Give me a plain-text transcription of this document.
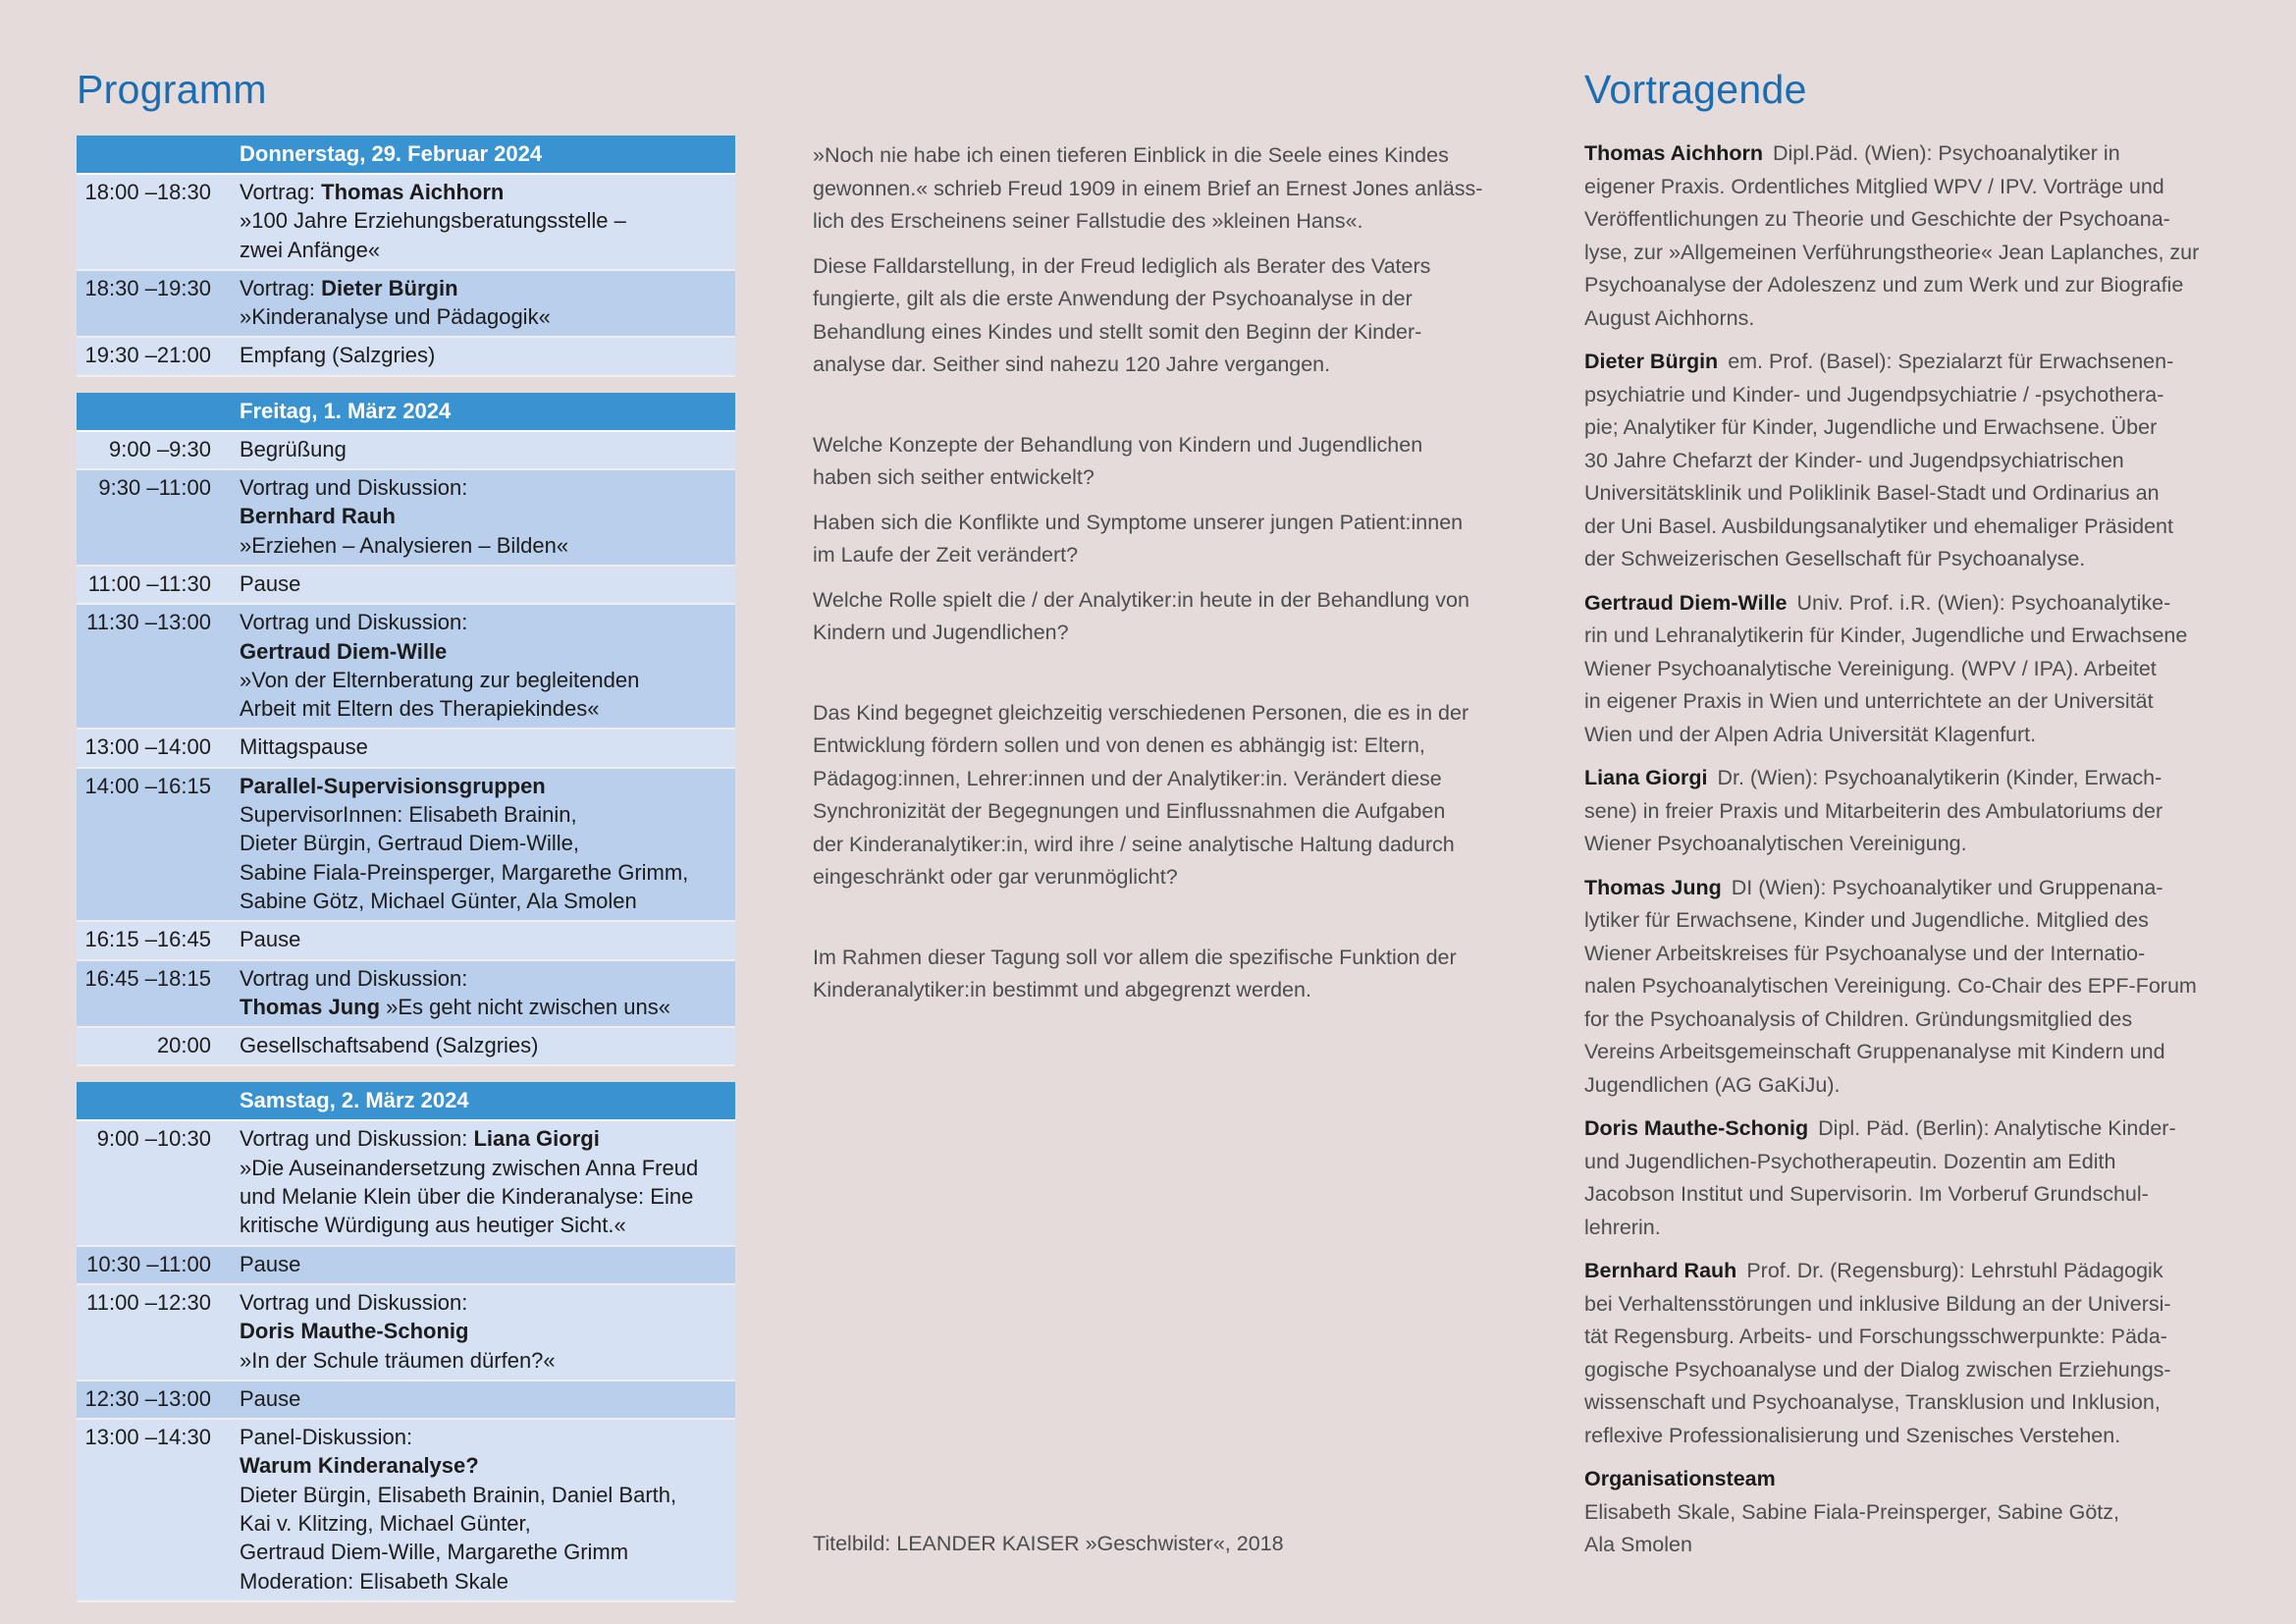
Programm
Donnerstag, 29. Februar 2024
18:00 –18:30 Vortrag: Thomas Aichhorn
»100 Jahre Erziehungsberatungsstelle –
zwei Anfänge«
18:30 –19:30 Vortrag: Dieter Bürgin
»Kinderanalyse und Pädagogik«
19:30 –21:00 Empfang (Salzgries)
Freitag, 1. März 2024
9:00 –9:30 Begrüßung
9:30 –11:00 Vortrag und Diskussion:
Bernhard Rauh
»Erziehen – Analysieren – Bilden«
11:00 –11:30 Pause
11:30 –13:00 Vortrag und Diskussion:
Gertraud Diem-Wille
»Von der Elternberatung zur begleitenden
Arbeit mit Eltern des Therapiekindes«
13:00 –14:00 Mittagspause
14:00 –16:15 Parallel-Supervisionsgruppen
SupervisorInnen: Elisabeth Brainin,
Dieter Bürgin, Gertraud Diem-Wille,
Sabine Fiala-Preinsperger, Margarethe Grimm,
Sabine Götz, Michael Günter, Ala Smolen
16:15 –16:45 Pause
16:45 –18:15 Vortrag und Diskussion:
Thomas Jung »Es geht nicht zwischen uns«
20:00 Gesellschaftsabend (Salzgries)
Samstag, 2. März 2024
9:00 –10:30 Vortrag und Diskussion: Liana Giorgi
»Die Auseinandersetzung zwischen Anna Freud
und Melanie Klein über die Kinderanalyse: Eine
kritische Würdigung aus heutiger Sicht.«
10:30 –11:00 Pause
11:00 –12:30 Vortrag und Diskussion:
Doris Mauthe-Schonig
»In der Schule träumen dürfen?«
12:30 –13:00 Pause
13:00 –14:30 Panel-Diskussion:
Warum Kinderanalyse?
Dieter Bürgin, Elisabeth Brainin, Daniel Barth,
Kai v. Klitzing, Michael Günter,
Gertraud Diem-Wille, Margarethe Grimm
Moderation: Elisabeth Skale

»Noch nie habe ich einen tieferen Einblick in die Seele eines Kindes
gewonnen.« schrieb Freud 1909 in einem Brief an Ernest Jones anläss-
lich des Erscheinens seiner Fallstudie des »kleinen Hans«.

Diese Falldarstellung, in der Freud lediglich als Berater des Vaters
fungierte, gilt als die erste Anwendung der Psychoanalyse in der
Behandlung eines Kindes und stellt somit den Beginn der Kinder-
analyse dar. Seither sind nahezu 120 Jahre vergangen.

Welche Konzepte der Behandlung von Kindern und Jugendlichen
haben sich seither entwickelt?

Haben sich die Konflikte und Symptome unserer jungen Patient:innen
im Laufe der Zeit verändert?

Welche Rolle spielt die / der Analytiker:in heute in der Behandlung von
Kindern und Jugendlichen?

Das Kind begegnet gleichzeitig verschiedenen Personen, die es in der
Entwicklung fördern sollen und von denen es abhängig ist: Eltern,
Pädagog:innen, Lehrer:innen und der Analytiker:in. Verändert diese
Synchronizität der Begegnungen und Einflussnahmen die Aufgaben
der Kinderanalytiker:in, wird ihre / seine analytische Haltung dadurch
eingeschränkt oder gar verunmöglicht?

Im Rahmen dieser Tagung soll vor allem die spezifische Funktion der
Kinderanalytiker:in bestimmt und abgegrenzt werden.

Titelbild: LEANDER KAISER »Geschwister«, 2018
Vortragende

Thomas Aichhorn Dipl.Päd. (Wien): Psychoanalytiker in
eigener Praxis. Ordentliches Mitglied WPV / IPV. Vorträge und
Veröffentlichungen zu Theorie und Geschichte der Psychoana-
lyse, zur »Allgemeinen Verführungstheorie« Jean Laplanches, zur
Psychoanalyse der Adoleszenz und zum Werk und zur Biografie
August Aichhorns.

Dieter Bürgin em. Prof. (Basel): Spezialarzt für Erwachsenen-
psychiatrie und Kinder- und Jugendpsychiatrie / -psychothera-
pie; Analytiker für Kinder, Jugendliche und Erwachsene. Über
30 Jahre Chefarzt der Kinder- und Jugendpsychiatrischen
Universitätsklinik und Poliklinik Basel-Stadt und Ordinarius an
der Uni Basel. Ausbildungsanalytiker und ehemaliger Präsident
der Schweizerischen Gesellschaft für Psychoanalyse.

Gertraud Diem-Wille Univ. Prof. i.R. (Wien): Psychoanalytike-
rin und Lehranalytikerin für Kinder, Jugendliche und Erwachsene
Wiener Psychoanalytische Vereinigung. (WPV / IPA). Arbeitet
in eigener Praxis in Wien und unterrichtete an der Universität
Wien und der Alpen Adria Universität Klagenfurt.

Liana Giorgi Dr. (Wien): Psychoanalytikerin (Kinder, Erwach-
sene) in freier Praxis und Mitarbeiterin des Ambulatoriums der
Wiener Psychoanalytischen Vereinigung.

Thomas Jung DI (Wien): Psychoanalytiker und Gruppenana-
lytiker für Erwachsene, Kinder und Jugendliche. Mitglied des
Wiener Arbeitskreises für Psychoanalyse und der Internatio-
nalen Psychoanalytischen Vereinigung. Co-Chair des EPF-Forum
for the Psychoanalysis of Children. Gründungsmitglied des
Vereins Arbeitsgemeinschaft Gruppenanalyse mit Kindern und
Jugendlichen (AG GaKiJu).

Doris Mauthe-Schonig Dipl. Päd. (Berlin): Analytische Kinder-
und Jugendlichen-Psychotherapeutin. Dozentin am Edith
Jacobson Institut und Supervisorin. Im Vorberuf Grundschul-
lehrerin.

Bernhard Rauh Prof. Dr. (Regensburg): Lehrstuhl Pädagogik
bei Verhaltensstörungen und inklusive Bildung an der Universi-
tät Regensburg. Arbeits- und Forschungsschwerpunkte: Päda-
gogische Psychoanalyse und der Dialog zwischen Erziehungs-
wissenschaft und Psychoanalyse, Transklusion und Inklusion,
reflexive Professionalisierung und Szenisches Verstehen.

Organisationsteam
Elisabeth Skale, Sabine Fiala-Preinsperger, Sabine Götz,
Ala Smolen
